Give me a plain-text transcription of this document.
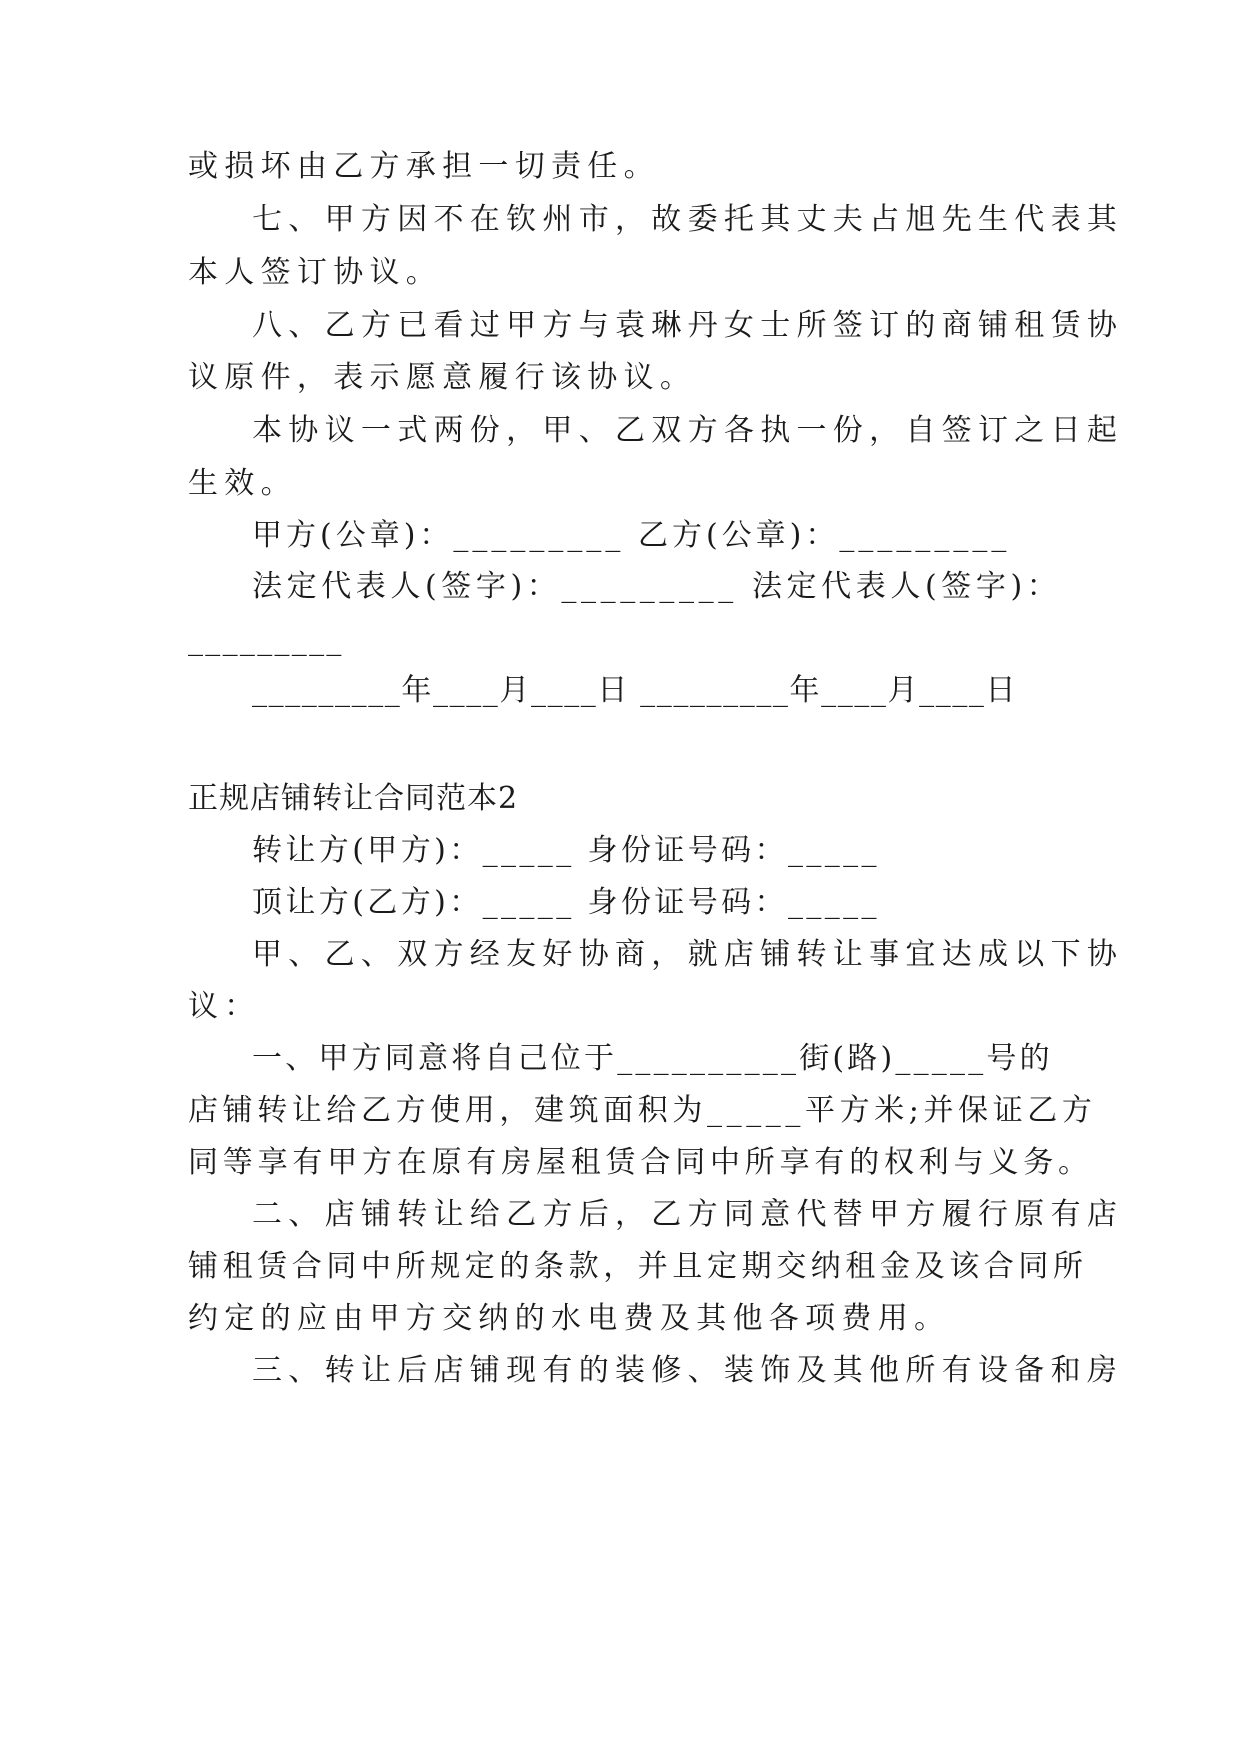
或损坏由乙方承担一切责任。
七、甲方因不在钦州市，故委托其丈夫占旭先生代表其
本人签订协议。
八、乙方已看过甲方与袁琳丹女士所签订的商铺租赁协
议原件，表示愿意履行该协议。
本协议一式两份，甲、乙双方各执一份，自签订之日起
生效。
甲方(公章)：_________ 乙方(公章)：_________
法定代表人(签字)：_________ 法定代表人(签字)：
_________
_________年____月____日 _________年____月____日
正规店铺转让合同范本2
转让方(甲方)：_____ 身份证号码：_____
顶让方(乙方)：_____ 身份证号码：_____
甲、乙、双方经友好协商，就店铺转让事宜达成以下协
议：
一、甲方同意将自己位于__________街(路)_____号的
店铺转让给乙方使用，建筑面积为_____平方米;并保证乙方
同等享有甲方在原有房屋租赁合同中所享有的权利与义务。
二、店铺转让给乙方后，乙方同意代替甲方履行原有店
铺租赁合同中所规定的条款，并且定期交纳租金及该合同所
约定的应由甲方交纳的水电费及其他各项费用。
三、转让后店铺现有的装修、装饰及其他所有设备和房
